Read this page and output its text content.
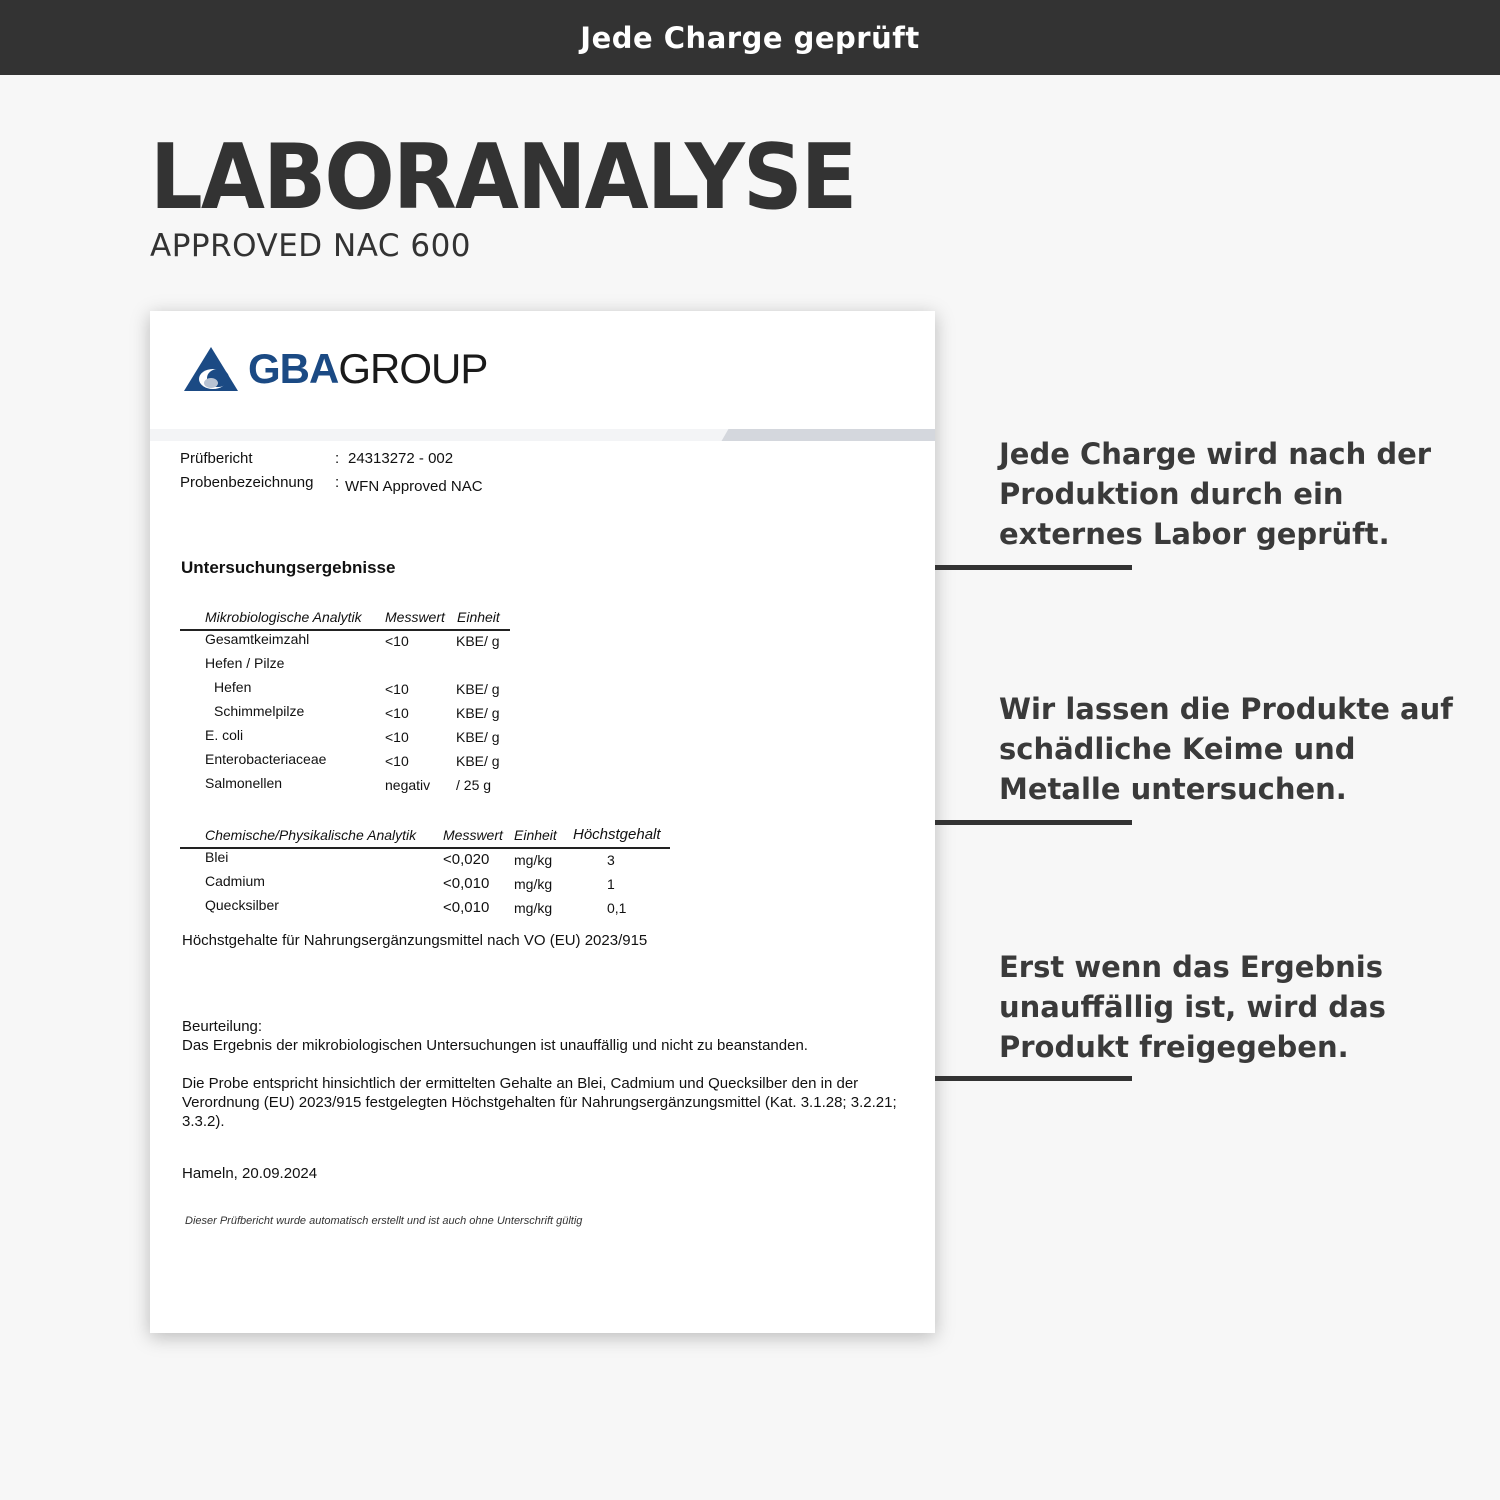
Jede Charge geprüft
LABORANALYSE
APPROVED NAC 600
GBAGROUP
Prüfbericht	: 24313272 - 002
Probenbezeichnung : WFN Approved NAC
Untersuchungsergebnisse
Mikrobiologische Analytik Messwert Einheit
Gesamtkeimzahl	<10	KBE/ g
Hefen / Pilze
Hefen	<10	KBE/ g
Schimmelpilze	<10	KBE/ g
E. coli	<10	KBE/ g
Enterobacteriaceae	<10	KBE/ g
Salmonellen	negativ / 25 g
Chemische/Physikalische Analytik Messwert Einheit Höchstgehalt
Blei	<0,020 mg/kg	3
Cadmium	<0,010 mg/kg	1
Quecksilber	<0,010 mg/kg	0,1
Höchstgehalte für Nahrungsergänzungsmittel nach VO (EU) 2023/915
Beurteilung:
Das Ergebnis der mikrobiologischen Untersuchungen ist unauffällig und nicht zu beanstanden.
Die Probe entspricht hinsichtlich der ermittelten Gehalte an Blei, Cadmium und Quecksilber den in der Verordnung (EU) 2023/915 festgelegten Höchstgehalten für Nahrungsergänzungsmittel (Kat. 3.1.28; 3.2.21; 3.3.2).
Hameln, 20.09.2024
Dieser Prüfbericht wurde automatisch erstellt und ist auch ohne Unterschrift gültig
Jede Charge wird nach der Produktion durch ein externes Labor geprüft.
Wir lassen die Produkte auf schädliche Keime und Metalle untersuchen.
Erst wenn das Ergebnis unauffällig ist, wird das Produkt freigegeben.
